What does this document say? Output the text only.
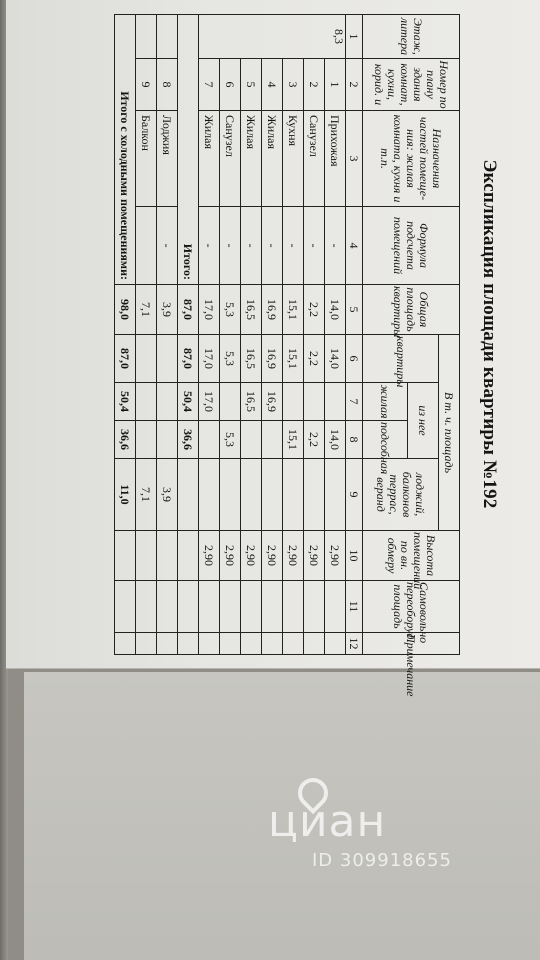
Экспликация площади квартиры №192
Этаж, литера	Номер по плану здания комнат, кухни, корид. и	Назначения частей помеще-ния: жилая комната, кухня и т.п.	Формула подсчета помещений	Общая площадь квартиры	В т. ч. площадь				Высота помещений по вн. обмеру	Самовольно переоборуд. площадь	
					квартиры	из нее		лоджий, балконов террас, веранд			
						жилая	подсобная				
1	2	3	4	5	6	7	8	9	10	11	12
8,3	1	Прихожая	-	14,0	14,0		14,0		2,90		
	2	Санузел	-	2,2	2,2		2,2		2,90		
	3	Кухня	-	15,1	15,1		15,1		2,90		
	4	Жилая	-	16,9	16,9	16,9			2,90		
	5	Жилая	-	16,5	16,5	16,5			2,90		
	6	Санузел	-	5,3	5,3		5,3		2,90		
	7	Жилая	-	17,0	17,0	17,0			2,90		
Итого:				87,0	87,0	50,4	36,6				
	8	Лоджия	-	3,9				3,9			
	9	Балкон		7,1				7,1			
Итого с холодными помещениями:				98,0	87,0	50,4	36,6	11,0			
циан
ID 309918655
